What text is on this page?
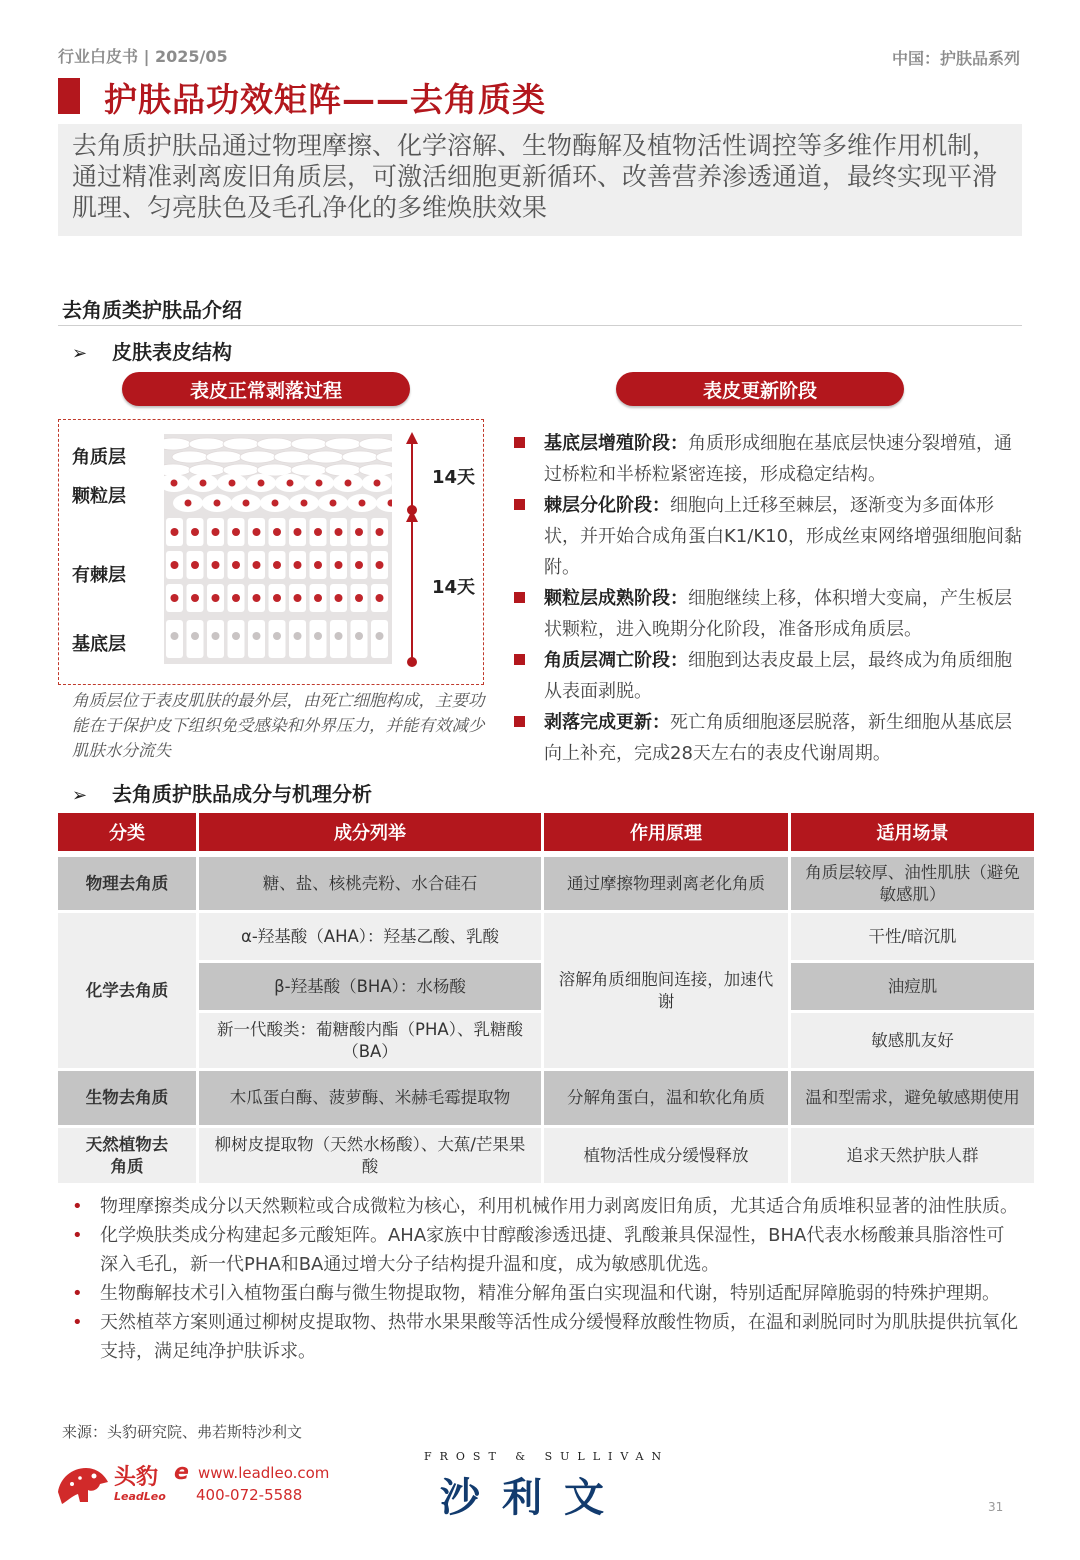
行业白皮书 | 2025/05	中国：护肤品系列
护肤品功效矩阵——去角质类
去角质护肤品通过物理摩擦、化学溶解、生物酶解及植物活性调控等多维作用机制，通过精准剥离废旧角质层，可激活细胞更新循环、改善营养渗透通道，最终实现平滑肌理、匀亮肤色及毛孔净化的多维焕肤效果
去角质类护肤品介绍
➢ 皮肤表皮结构
表皮正常剥落过程	表皮更新阶段
角质层
颗粒层
有棘层
基底层
14天
14天
角质层位于表皮肌肤的最外层，由死亡细胞构成，主要功能在于保护皮下组织免受感染和外界压力，并能有效减少肌肤水分流失
基底层增殖阶段：角质形成细胞在基底层快速分裂增殖，通过桥粒和半桥粒紧密连接，形成稳定结构。
棘层分化阶段：细胞向上迁移至棘层，逐渐变为多面体形状，并开始合成角蛋白K1/K10，形成丝束网络增强细胞间黏附。
颗粒层成熟阶段：细胞继续上移，体积增大变扁，产生板层状颗粒，进入晚期分化阶段，准备形成角质层。
角质层凋亡阶段：细胞到达表皮最上层，最终成为角质细胞从表面剥脱。
剥落完成更新：死亡角质细胞逐层脱落，新生细胞从基底层向上补充，完成28天左右的表皮代谢周期。
➢ 去角质护肤品成分与机理分析
分类	成分列举	作用原理	适用场景

物理去角质	糖、盐、核桃壳粉、水合硅石	通过摩擦物理剥离老化角质	角质层较厚、油性肌肤（避免敏感肌）
化学去角质	α-羟基酸（AHA）：羟基乙酸、乳酸	溶解角质细胞间连接，加速代谢	干性/暗沉肌
	β-羟基酸（BHA）：水杨酸		油痘肌
	新一代酸类：葡糖酸内酯（PHA）、乳糖酸（BA）		敏感肌友好
生物去角质	木瓜蛋白酶、菠萝酶、米赫毛霉提取物	分解角蛋白，温和软化角质	温和型需求，避免敏感期使用
天然植物去角质	柳树皮提取物（天然水杨酸）、大蕉/芒果果酸	植物活性成分缓慢释放	追求天然护肤人群
• 物理摩擦类成分以天然颗粒或合成微粒为核心，利用机械作用力剥离废旧角质，尤其适合角质堆积显著的油性肤质。
• 化学焕肤类成分构建起多元酸矩阵。AHA家族中甘醇酸渗透迅捷、乳酸兼具保湿性，BHA代表水杨酸兼具脂溶性可深入毛孔，新一代PHA和BA通过增大分子结构提升温和度，成为敏感肌优选。
• 生物酶解技术引入植物蛋白酶与微生物提取物，精准分解角蛋白实现温和代谢，特别适配屏障脆弱的特殊护理期。
• 天然植萃方案则通过柳树皮提取物、热带水果果酸等活性成分缓慢释放酸性物质，在温和剥脱同时为肌肤提供抗氧化支持，满足纯净护肤诉求。
来源：头豹研究院、弗若斯特沙利文
头豹
LeadLeo
e www.leadleo.com
400-072-5588
FROST & SULLIVAN
沙利文	31
